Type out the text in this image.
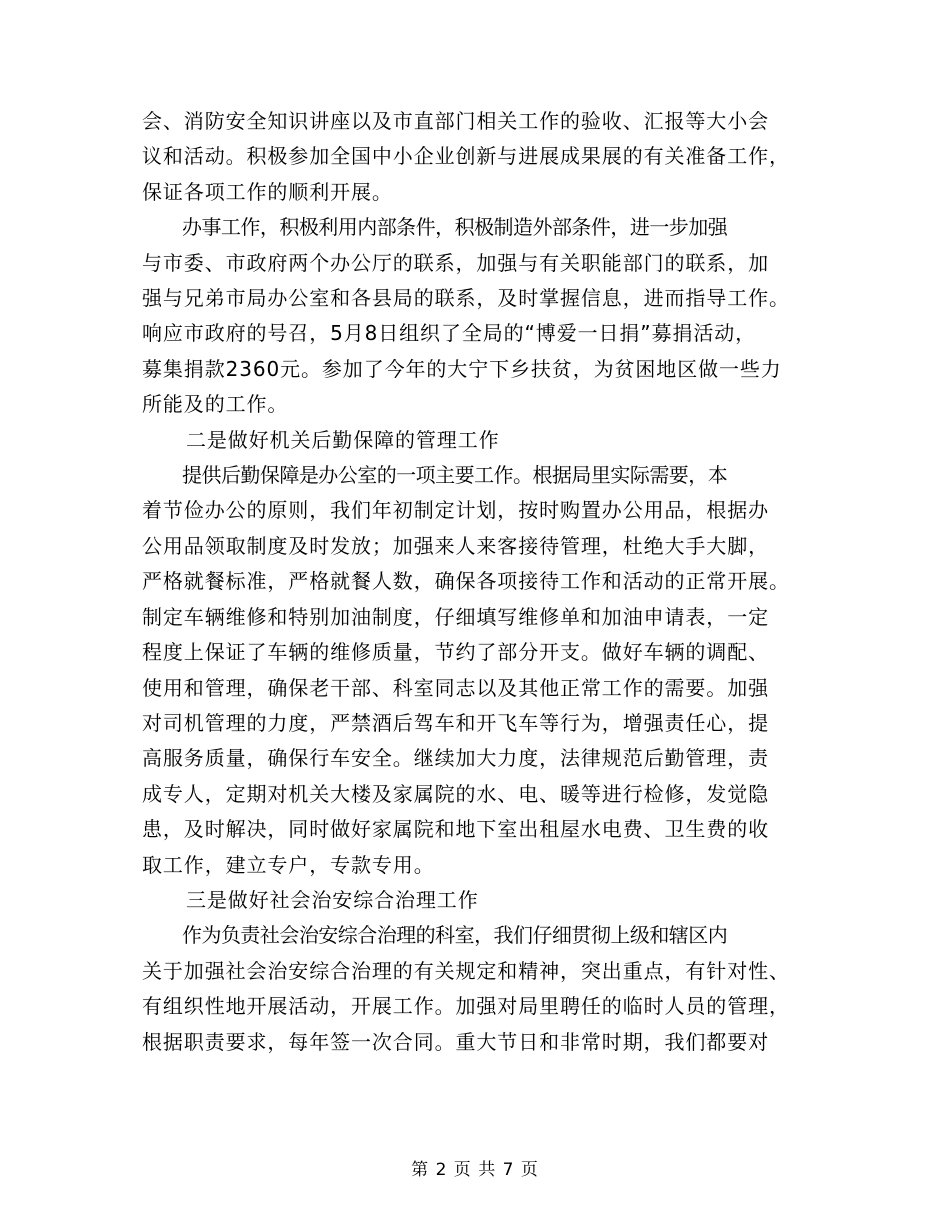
会、消防安全知识讲座以及市直部门相关工作的验收、汇报等大小会
议和活动。积极参加全国中小企业创新与进展成果展的有关准备工作，
保证各项工作的顺利开展。
办事工作，积极利用内部条件，积极制造外部条件，进一步加强
与市委、市政府两个办公厅的联系，加强与有关职能部门的联系，加
强与兄弟市局办公室和各县局的联系，及时掌握信息，进而指导工作。
响应市政府的号召，5月8日组织了全局的“博爱一日捐”募捐活动，
募集捐款2360元。参加了今年的大宁下乡扶贫，为贫困地区做一些力
所能及的工作。

二是做好机关后勤保障的管理工作

提供后勤保障是办公室的一项主要工作。根据局里实际需要，本
着节俭办公的原则，我们年初制定计划，按时购置办公用品，根据办
公用品领取制度及时发放；加强来人来客接待管理，杜绝大手大脚，
严格就餐标准，严格就餐人数，确保各项接待工作和活动的正常开展。
制定车辆维修和特别加油制度，仔细填写维修单和加油申请表，一定
程度上保证了车辆的维修质量，节约了部分开支。做好车辆的调配、
使用和管理，确保老干部、科室同志以及其他正常工作的需要。加强
对司机管理的力度，严禁酒后驾车和开飞车等行为，增强责任心，提
高服务质量，确保行车安全。继续加大力度，法律规范后勤管理，责
成专人，定期对机关大楼及家属院的水、电、暖等进行检修，发觉隐
患，及时解决，同时做好家属院和地下室出租屋水电费、卫生费的收
取工作，建立专户，专款专用。

三是做好社会治安综合治理工作

作为负责社会治安综合治理的科室，我们仔细贯彻上级和辖区内
关于加强社会治安综合治理的有关规定和精神，突出重点，有针对性、
有组织性地开展活动，开展工作。加强对局里聘任的临时人员的管理，
根据职责要求，每年签一次合同。重大节日和非常时期，我们都要对
第 2 页 共 7 页
